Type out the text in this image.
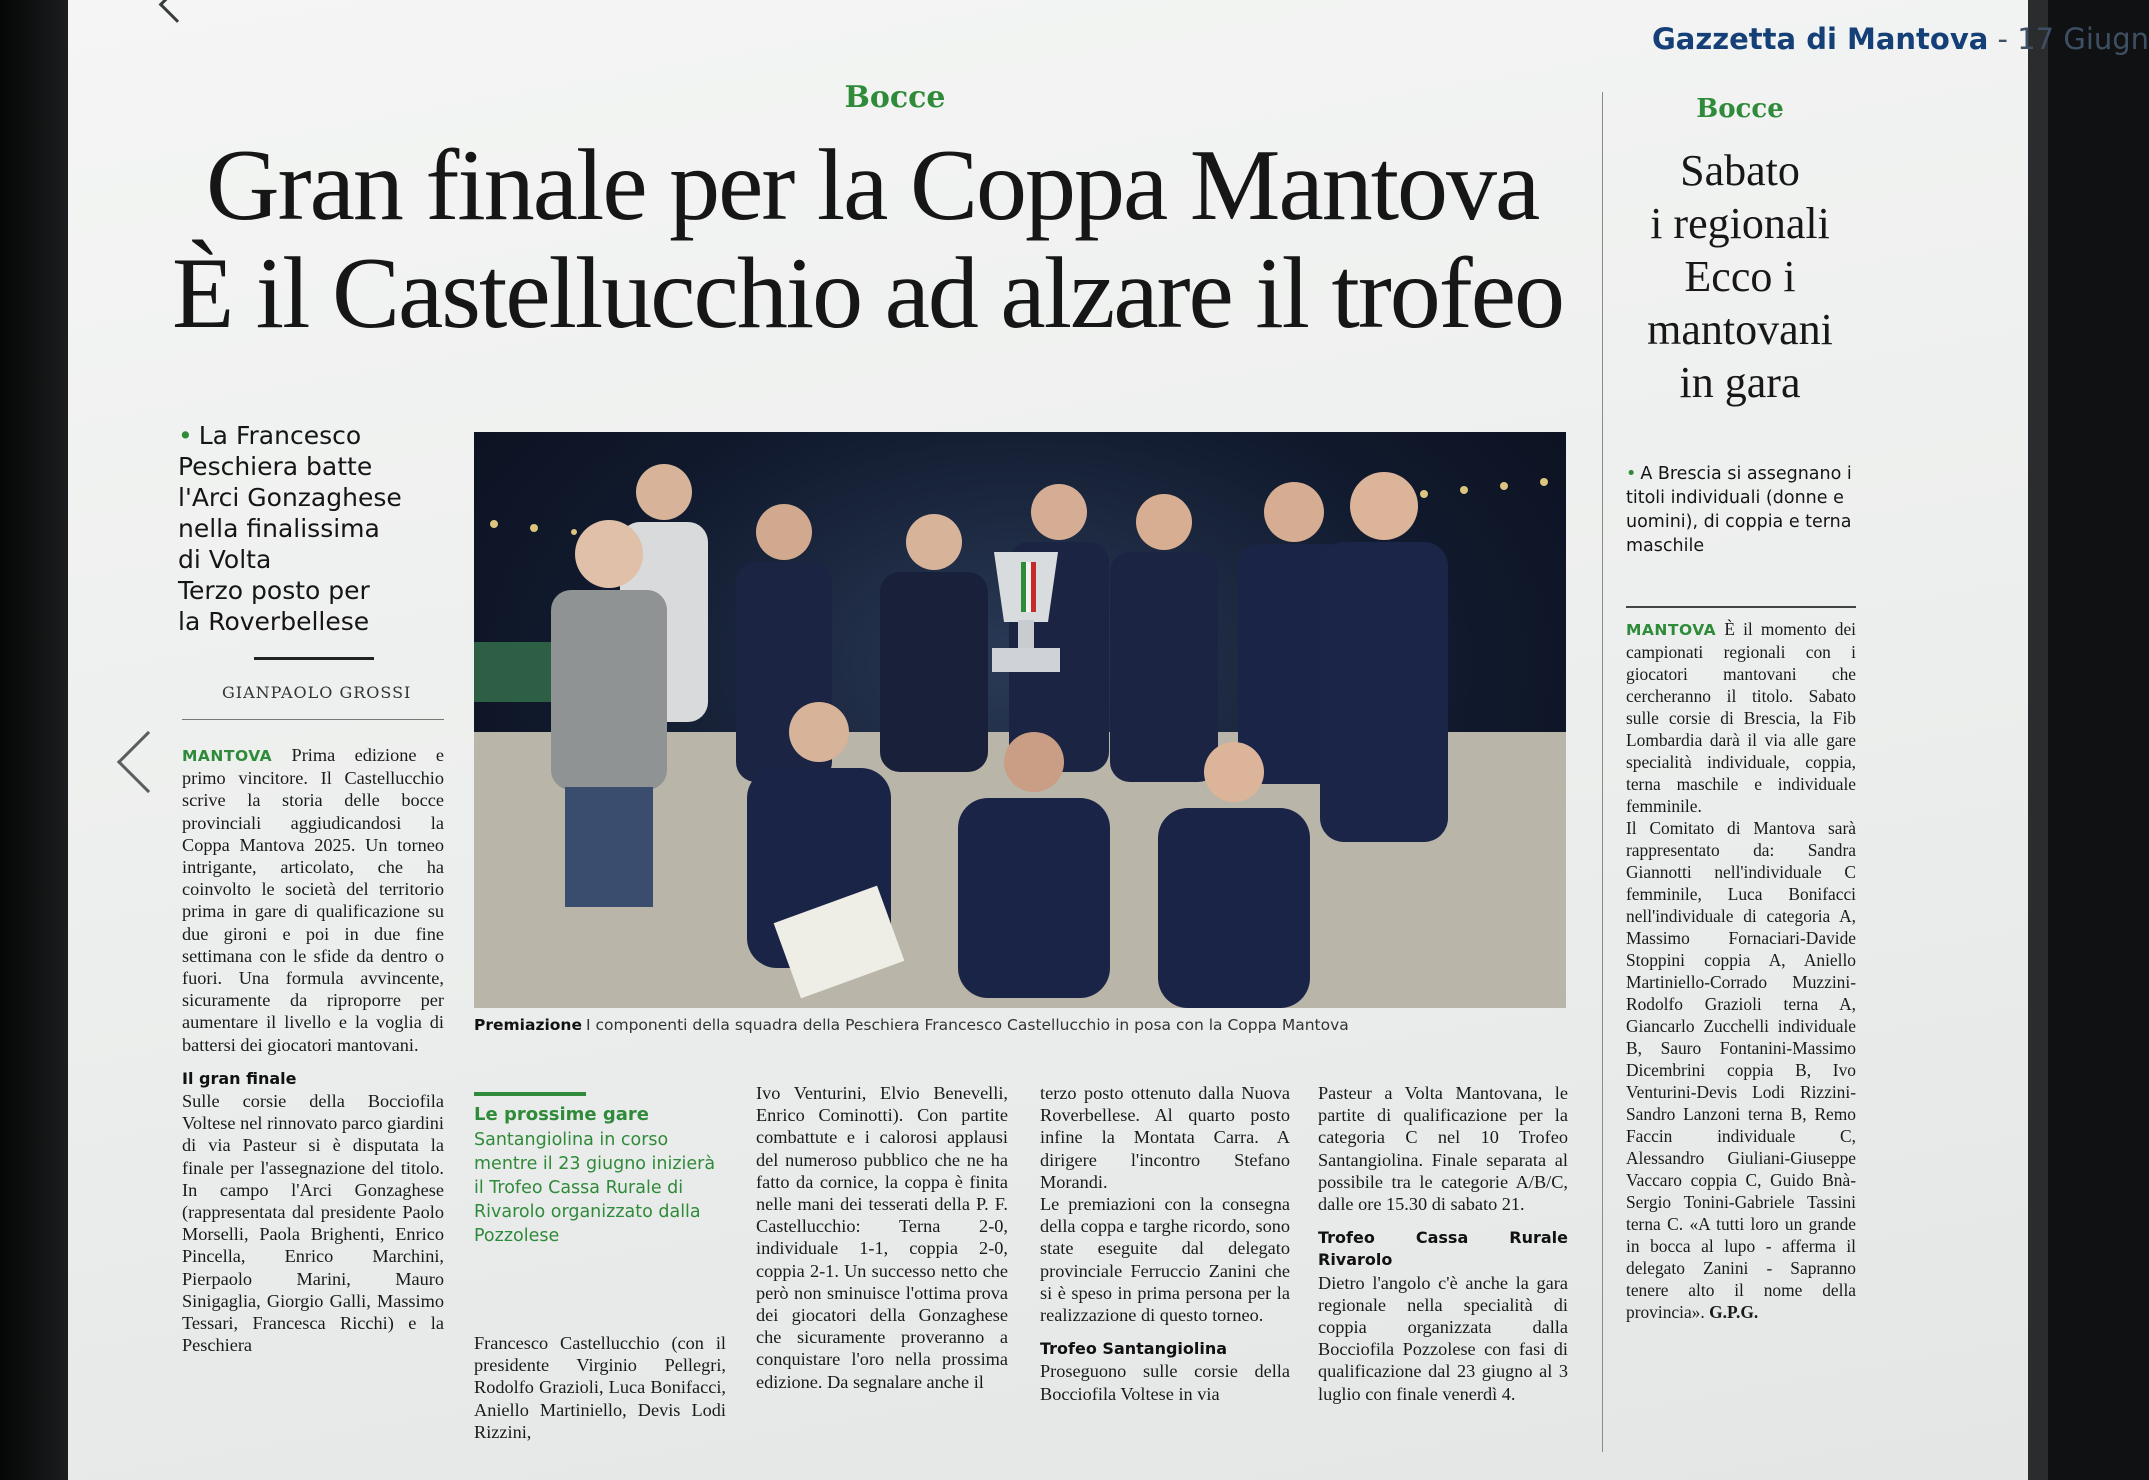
Gazzetta di Mantova - 17 Giugn
Bocce
Gran finale per la Coppa Mantova
È il Castellucchio ad alzare il trofeo
• La Francesco
Peschiera batte
l'Arci Gonzaghese
nella finalissima
di Volta
Terzo posto per
la Roverbellese
GIANPAOLO GROSSI

MANTOVA Prima edizione e primo vincitore. Il Castellucchio scrive la storia delle bocce provinciali aggiudicandosi la Coppa Mantova 2025. Un torneo intrigante, articolato, che ha coinvolto le società del territorio prima in gare di qualificazione su due gironi e poi in due fine settimana con le sfide da dentro o fuori. Una formula avvincente, sicuramente da riproporre per aumentare il livello e la voglia di battersi dei giocatori mantovani.

Il gran finale

Sulle corsie della Bocciofila Voltese nel rinnovato parco giardini di via Pasteur si è disputata la finale per l'assegnazione del titolo. In campo l'Arci Gonzaghese (rappresentata dal presidente Paolo Morselli, Paola Brighenti, Enrico Pincella, Enrico Marchini, Pierpaolo Marini, Mauro Sinigaglia, Giorgio Galli, Massimo Tessari, Francesca Ricchi) e la Peschiera

Premiazione I componenti della squadra della Peschiera Francesco Castellucchio in posa con la Coppa Mantova
Le prossime gare
Santangiolina in corso mentre il 23 giugno inizierà il Trofeo Cassa Rurale di Rivarolo organizzato dalla Pozzolese
Francesco Castellucchio (con il presidente Virginio Pellegri, Rodolfo Grazioli, Luca Bonifacci, Aniello Martiniello, Devis Lodi Rizzini,
Ivo Venturini, Elvio Benevelli, Enrico Cominotti). Con partite combattute e i calorosi applausi del numeroso pubblico che ne ha fatto da cornice, la coppa è finita nelle mani dei tesserati della P. F. Castellucchio: Terna 2-0, individuale 1-1, coppia 2-0, coppia 2-1. Un successo netto che però non sminuisce l'ottima prova dei giocatori della Gonzaghese che sicuramente proveranno a conquistare l'oro nella prossima edizione. Da segnalare anche il

terzo posto ottenuto dalla Nuova Roverbellese. Al quarto posto infine la Montata Carra. A dirigere l'incontro Stefano Morandi.

Le premiazioni con la consegna della coppa e targhe ricordo, sono state eseguite dal delegato provinciale Ferruccio Zanini che si è speso in prima persona per la realizzazione di questo torneo.

Trofeo Santangiolina

Proseguono sulle corsie della Bocciofila Voltese in via

Pasteur a Volta Mantovana, le partite di qualificazione per la categoria C nel 10 Trofeo Santangiolina. Finale separata al possibile tra le categorie A/B/C, dalle ore 15.30 di sabato 21.

Trofeo Cassa Rurale Rivarolo

Dietro l'angolo c'è anche la gara regionale nella specialità di coppia organizzata dalla Bocciofila Pozzolese con fasi di qualificazione dal 23 giugno al 3 luglio con finale venerdì 4.

Bocce
Sabato
i regionali
Ecco i
mantovani
in gara
• A Brescia si assegnano i titoli individuali (donne e uomini), di coppia e terna maschile

MANTOVA È il momento dei campionati regionali con i giocatori mantovani che cercheranno il titolo. Sabato sulle corsie di Brescia, la Fib Lombardia darà il via alle gare specialità individuale, coppia, terna maschile e individuale femminile.

Il Comitato di Mantova sarà rappresentato da: Sandra Giannotti nell'individuale C femminile, Luca Bonifacci nell'individuale di categoria A, Massimo Fornaciari-Davide Stoppini coppia A, Aniello Martiniello-Corrado Muzzini-Rodolfo Grazioli terna A, Giancarlo Zucchelli individuale B, Sauro Fontanini-Massimo Dicembrini coppia B, Ivo Venturini-Devis Lodi Rizzini-Sandro Lanzoni terna B, Remo Faccin individuale C, Alessandro Giuliani-Giuseppe Vaccaro coppia C, Guido Bnà-Sergio Tonini-Gabriele Tassini terna C. «A tutti loro un grande in bocca al lupo - afferma il delegato Zanini - Sapranno tenere alto il nome della provincia». G.P.G.
